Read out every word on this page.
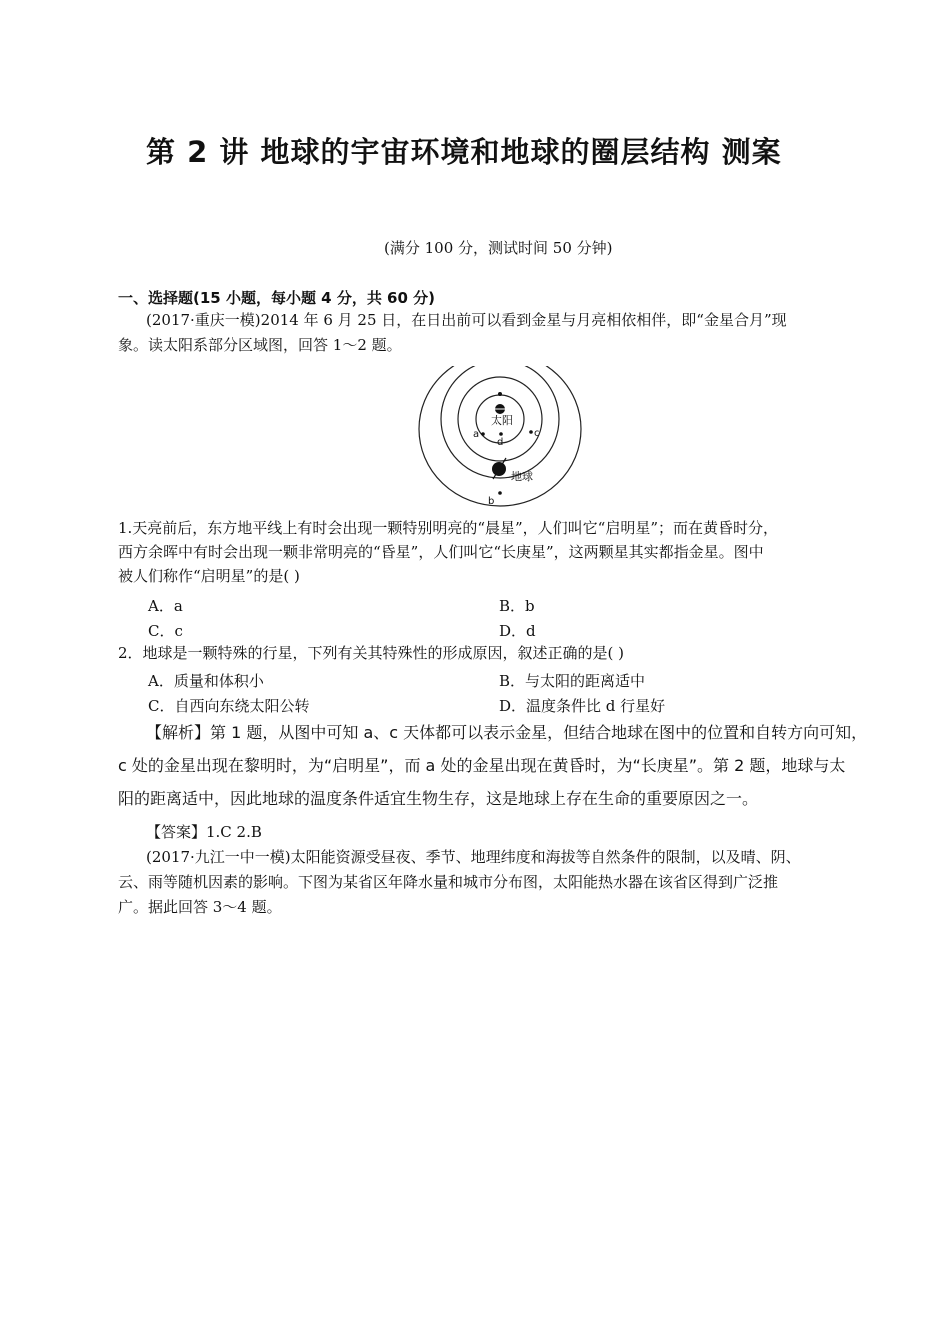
第 2 讲 地球的宇宙环境和地球的圈层结构 测案
(满分 100 分，测试时间 50 分钟)
一、选择题(15 小题，每小题 4 分，共 60 分)
(2017·重庆一模)2014 年 6 月 25 日，在日出前可以看到金星与月亮相依相伴，即“金星合月”现
象。读太阳系部分区域图，回答 1～2 题。
太阳
地球
a
d
c
b
1.天亮前后，东方地平线上有时会出现一颗特别明亮的“晨星”，人们叫它“启明星”；而在黄昏时分，
西方余晖中有时会出现一颗非常明亮的“昏星”，人们叫它“长庚星”，这两颗星其实都指金星。图中
被人们称作“启明星”的是( )
A．a	B．b
C．c	D．d
2．地球是一颗特殊的行星，下列有关其特殊性的形成原因，叙述正确的是( )
A．质量和体积小	B．与太阳的距离适中
C．自西向东绕太阳公转	D．温度条件比 d 行星好
【解析】第 1 题，从图中可知 a、c 天体都可以表示金星，但结合地球在图中的位置和自转方向可知，
c 处的金星出现在黎明时，为“启明星”，而 a 处的金星出现在黄昏时，为“长庚星”。第 2 题，地球与太
阳的距离适中，因此地球的温度条件适宜生物生存，这是地球上存在生命的重要原因之一。
【答案】1.C 2.B
(2017·九江一中一模)太阳能资源受昼夜、季节、地理纬度和海拔等自然条件的限制，以及晴、阴、
云、雨等随机因素的影响。下图为某省区年降水量和城市分布图，太阳能热水器在该省区得到广泛推
广。据此回答 3～4 题。
